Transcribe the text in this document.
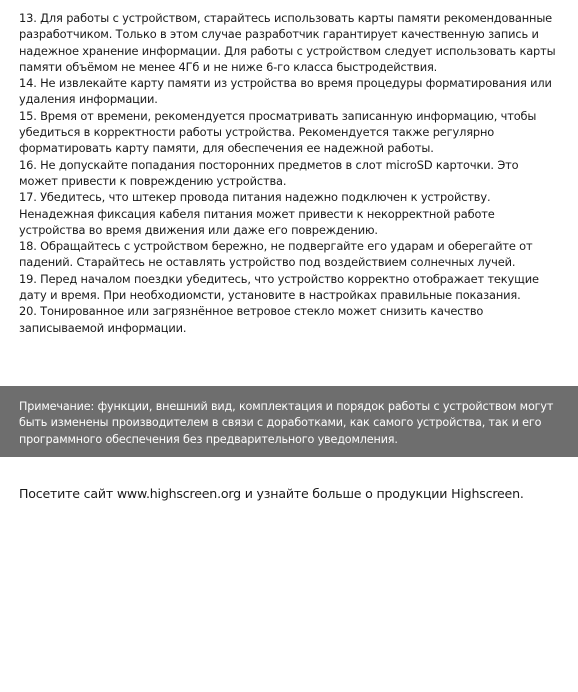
13. Для работы с устройством, старайтесь использовать карты памяти рекомендованные разработчиком. Только в этом случае разработчик гарантирует качественную запись и надежное хранение информации. Для работы с устройством следует использовать карты памяти объёмом не менее 4Гб и не ниже 6-го класса быстродействия.

14. Не извлекайте карту памяти из устройства во время процедуры форматирования или удаления информации.

15. Время от времени, рекомендуется просматривать записанную информацию, чтобы убедиться в корректности работы устройства. Рекомендуется также регулярно форматировать карту памяти, для обеспечения ее надежной работы.

16. Не допускайте попадания посторонних предметов в слот microSD карточки. Это может привести к повреждению устройства.

17. Убедитесь, что штекер провода питания надежно подключен к устройству. Ненадежная фиксация кабеля питания может привести к некорректной работе устройства во время движения или даже его повреждению.

18. Обращайтесь с устройством бережно, не подвергайте его ударам и оберегайте от падений. Старайтесь не оставлять устройство под воздействием солнечных лучей.

19. Перед началом поездки убедитесь, что устройство корректно отображает текущие дату и время. При необходиомсти, установите в настройках правильные показания.

20. Тонированное или загрязнённое ветровое стекло может снизить качество записываемой информации.

Примечание: функции, внешний вид, комплектация и порядок работы с устройством могут быть изменены производителем в связи с доработками, как самого устройства, так и его программного обеспечения без предварительного уведомления.

Посетите сайт www.highscreen.org и узнайте больше о продукции Highscreen.
